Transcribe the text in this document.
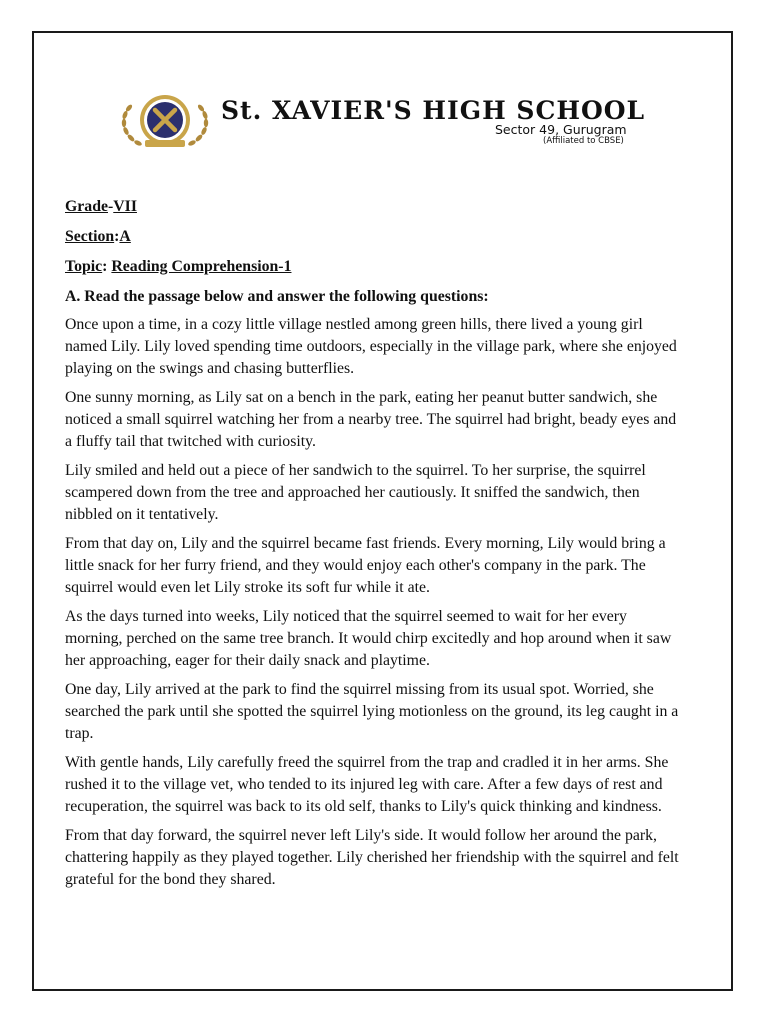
St. XAVIER'S HIGH SCHOOL
Sector 49, Gurugram
(Affiliated to CBSE)

Grade-VII

Section:A

Topic: Reading Comprehension-1

A. Read the passage below and answer the following questions:

Once upon a time, in a cozy little village nestled among green hills, there lived a young girl named Lily. Lily loved spending time outdoors, especially in the village park, where she enjoyed playing on the swings and chasing butterflies.

One sunny morning, as Lily sat on a bench in the park, eating her peanut butter sandwich, she noticed a small squirrel watching her from a nearby tree. The squirrel had bright, beady eyes and a fluffy tail that twitched with curiosity.

Lily smiled and held out a piece of her sandwich to the squirrel. To her surprise, the squirrel scampered down from the tree and approached her cautiously. It sniffed the sandwich, then nibbled on it tentatively.

From that day on, Lily and the squirrel became fast friends. Every morning, Lily would bring a little snack for her furry friend, and they would enjoy each other's company in the park. The squirrel would even let Lily stroke its soft fur while it ate.

As the days turned into weeks, Lily noticed that the squirrel seemed to wait for her every morning, perched on the same tree branch. It would chirp excitedly and hop around when it saw her approaching, eager for their daily snack and playtime.

One day, Lily arrived at the park to find the squirrel missing from its usual spot. Worried, she searched the park until she spotted the squirrel lying motionless on the ground, its leg caught in a trap.

With gentle hands, Lily carefully freed the squirrel from the trap and cradled it in her arms. She rushed it to the village vet, who tended to its injured leg with care. After a few days of rest and recuperation, the squirrel was back to its old self, thanks to Lily's quick thinking and kindness.

From that day forward, the squirrel never left Lily's side. It would follow her around the park, chattering happily as they played together. Lily cherished her friendship with the squirrel and felt grateful for the bond they shared.
